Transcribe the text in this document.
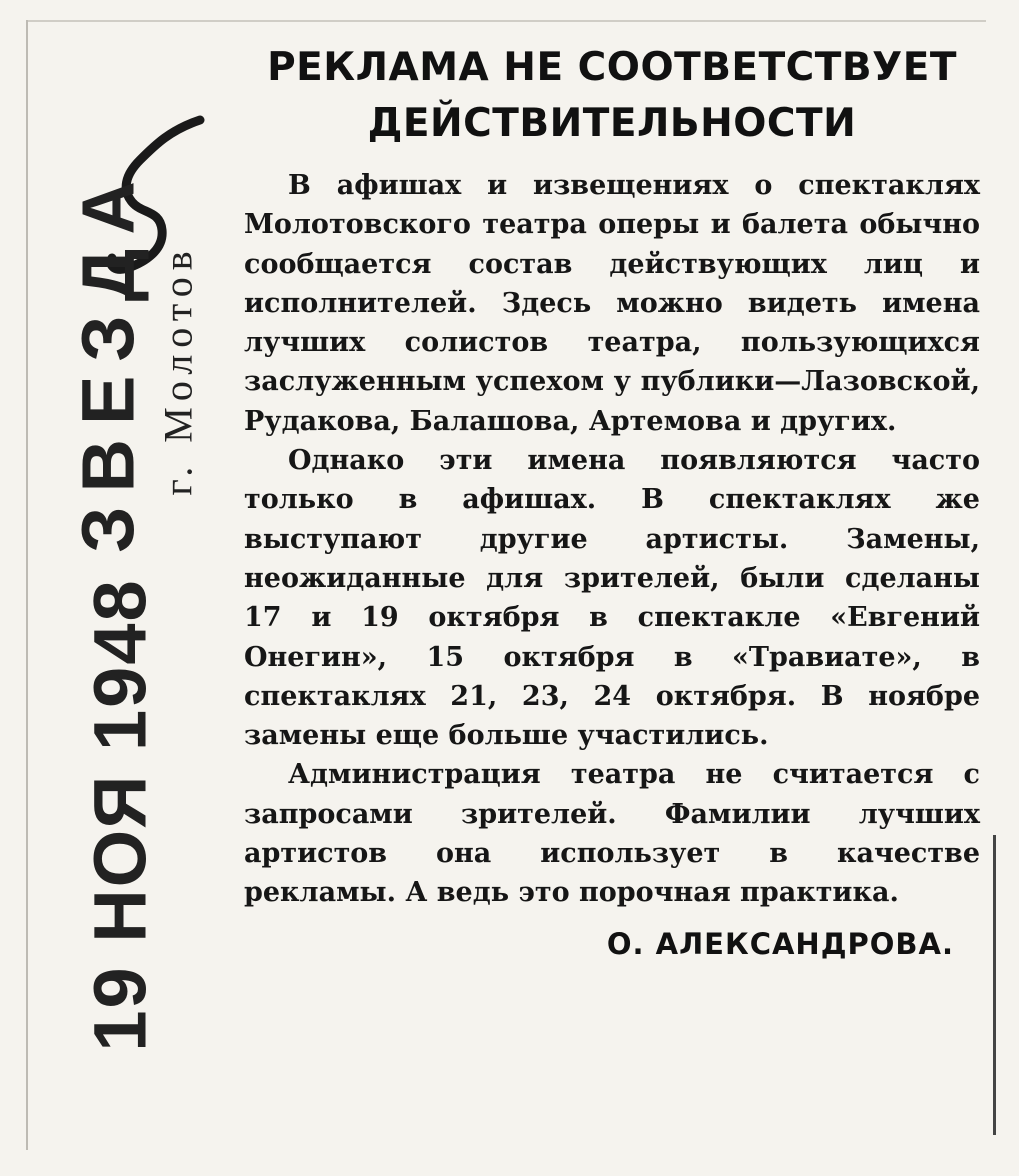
ЗВЕЗДА г. Молотов
19 НОЯ 1948
РЕКЛАМА НЕ СООТВЕТСТВУЕТ
ДЕЙСТВИТЕЛЬНОСТИ

В афишах и извещениях о спектаклях Молотовского театра оперы и балета обычно сообщается состав действующих лиц и исполнителей. Здесь можно видеть имена лучших солистов театра, пользующихся заслуженным успехом у публики—Лазовской, Рудакова, Балашова, Артемова и других.

Однако эти имена появляются часто только в афишах. В спектаклях же выступают другие артисты. Замены, неожиданные для зрителей, были сделаны 17 и 19 октября в спектакле «Евгений Онегин», 15 октября в «Травиате», в спектаклях 21, 23, 24 октября. В ноябре замены еще больше участились.

Администрация театра не считается с запросами зрителей. Фамилии лучших артистов она использует в качестве рекламы. А ведь это порочная практика.

О. АЛЕКСАНДРОВА.
